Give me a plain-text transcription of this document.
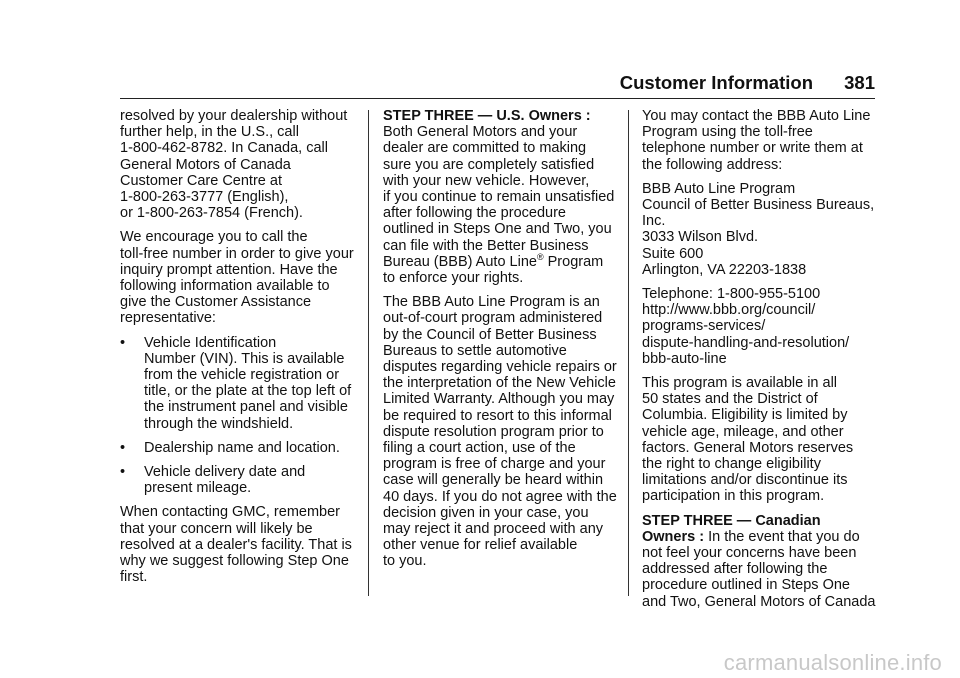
Customer Information 381

resolved by your dealership without
further help, in the U.S., call
1-800-462-8782. In Canada, call
General Motors of Canada
Customer Care Centre at
1-800-263-3777 (English),
or 1-800-263-7854 (French).

We encourage you to call the
toll-free number in order to give your
inquiry prompt attention. Have the
following information available to
give the Customer Assistance
representative:

• Vehicle Identification
Number (VIN). This is available
from the vehicle registration or
title, or the plate at the top left of
the instrument panel and visible
through the windshield.
• Dealership name and location.
• Vehicle delivery date and
present mileage.

When contacting GMC, remember
that your concern will likely be
resolved at a dealer's facility. That is
why we suggest following Step One
first.

STEP THREE — U.S. Owners :
Both General Motors and your
dealer are committed to making
sure you are completely satisfied
with your new vehicle. However,
if you continue to remain unsatisfied
after following the procedure
outlined in Steps One and Two, you
can file with the Better Business
Bureau (BBB) Auto Line® Program
to enforce your rights.

The BBB Auto Line Program is an
out-of-court program administered
by the Council of Better Business
Bureaus to settle automotive
disputes regarding vehicle repairs or
the interpretation of the New Vehicle
Limited Warranty. Although you may
be required to resort to this informal
dispute resolution program prior to
filing a court action, use of the
program is free of charge and your
case will generally be heard within
40 days. If you do not agree with the
decision given in your case, you
may reject it and proceed with any
other venue for relief available
to you.

You may contact the BBB Auto Line
Program using the toll-free
telephone number or write them at
the following address:

BBB Auto Line Program
Council of Better Business Bureaus,
Inc.
3033 Wilson Blvd.
Suite 600
Arlington, VA 22203-1838

Telephone: 1-800-955-5100
http://www.bbb.org/council/
programs-services/
dispute-handling-and-resolution/
bbb-auto-line

This program is available in all
50 states and the District of
Columbia. Eligibility is limited by
vehicle age, mileage, and other
factors. General Motors reserves
the right to change eligibility
limitations and/or discontinue its
participation in this program.

STEP THREE — Canadian
Owners : In the event that you do
not feel your concerns have been
addressed after following the
procedure outlined in Steps One
and Two, General Motors of Canada

carmanualsonline.info
